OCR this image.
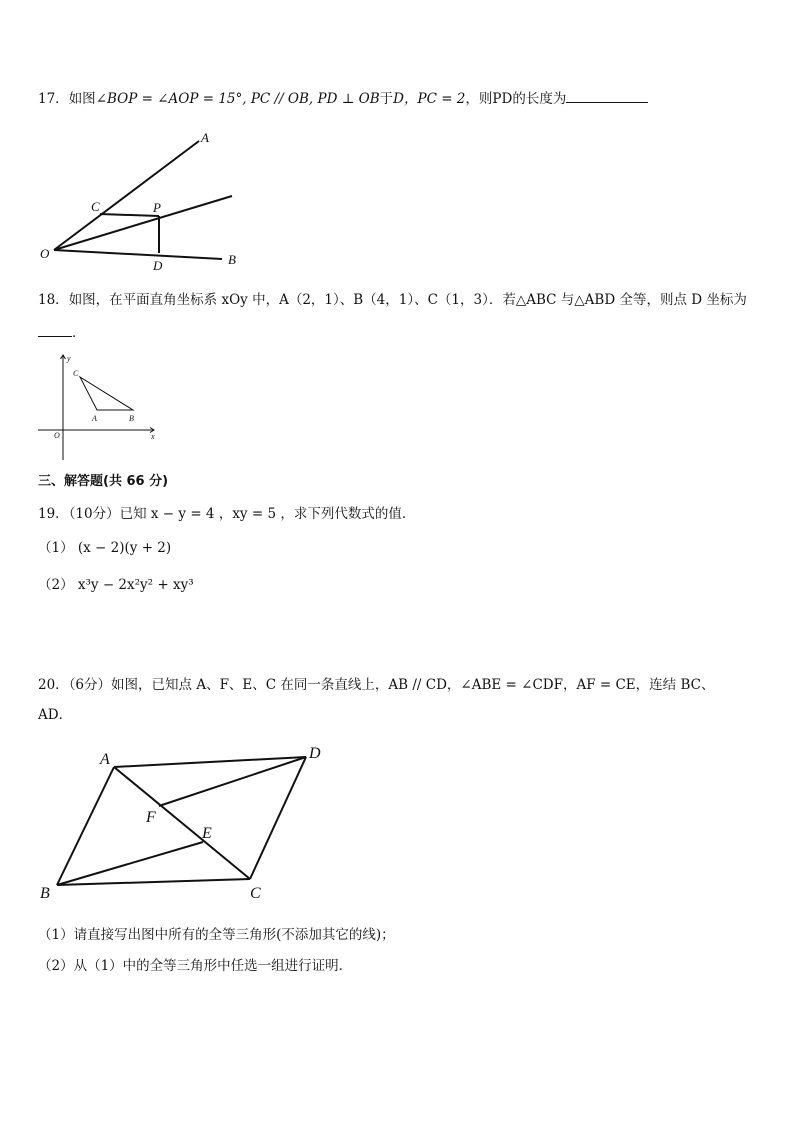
17．如图∠BOP = ∠AOP = 15°, PC // OB, PD ⊥ OB于D，PC = 2，则PD的长度为
A
C	P
O
D	B
18．如图，在平面直角坐标系 xOy 中，A（2，1）、B（4，1）、C（1，3）．若△ABC 与△ABD 全等，则点 D 坐标为
．
y
x
O
C
A	B
三、解答题(共 66 分)
19．（10分）已知 x − y = 4 ，xy = 5 ，求下列代数式的值．
（1） (x − 2)(y + 2)
（2） x³y − 2x²y² + xy³
20．（6分）如图，已知点 A、F、E、C 在同一条直线上，AB // CD，∠ABE = ∠CDF，AF = CE，连结 BC、
AD．
A	D
F
E
B	C
（1）请直接写出图中所有的全等三角形(不添加其它的线)；
（2）从（1）中的全等三角形中任选一组进行证明．
